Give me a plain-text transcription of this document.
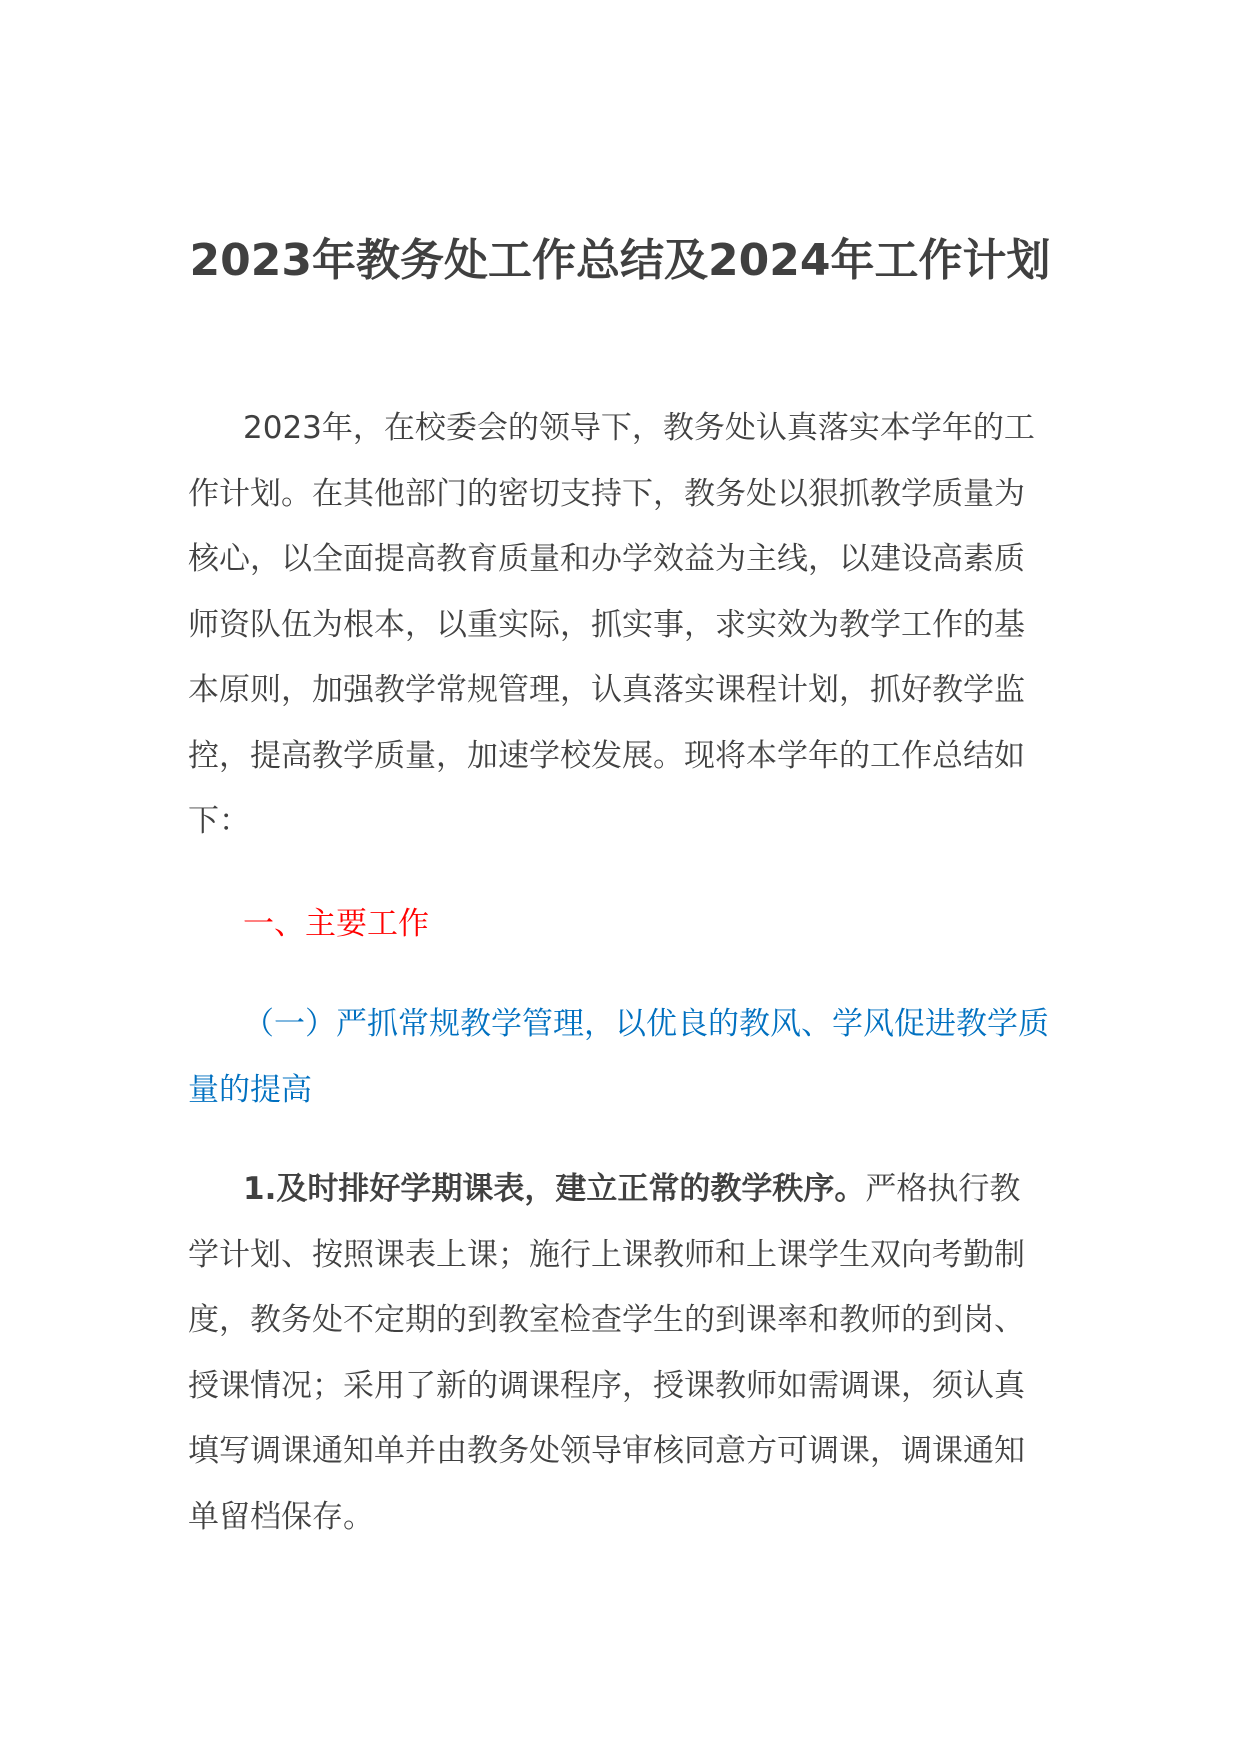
2023年教务处工作总结及2024年工作计划

2023年，在校委会的领导下，教务处认真落实本学年的工作计划。在其他部门的密切支持下，教务处以狠抓教学质量为核心，以全面提高教育质量和办学效益为主线，以建设高素质师资队伍为根本，以重实际，抓实事，求实效为教学工作的基本原则，加强教学常规管理，认真落实课程计划，抓好教学监控，提高教学质量，加速学校发展。现将本学年的工作总结如下：

一、主要工作

（一）严抓常规教学管理，以优良的教风、学风促进教学质量的提高

1.及时排好学期课表，建立正常的教学秩序。严格执行教学计划、按照课表上课；施行上课教师和上课学生双向考勤制度，教务处不定期的到教室检查学生的到课率和教师的到岗、授课情况；采用了新的调课程序，授课教师如需调课，须认真填写调课通知单并由教务处领导审核同意方可调课，调课通知单留档保存。
